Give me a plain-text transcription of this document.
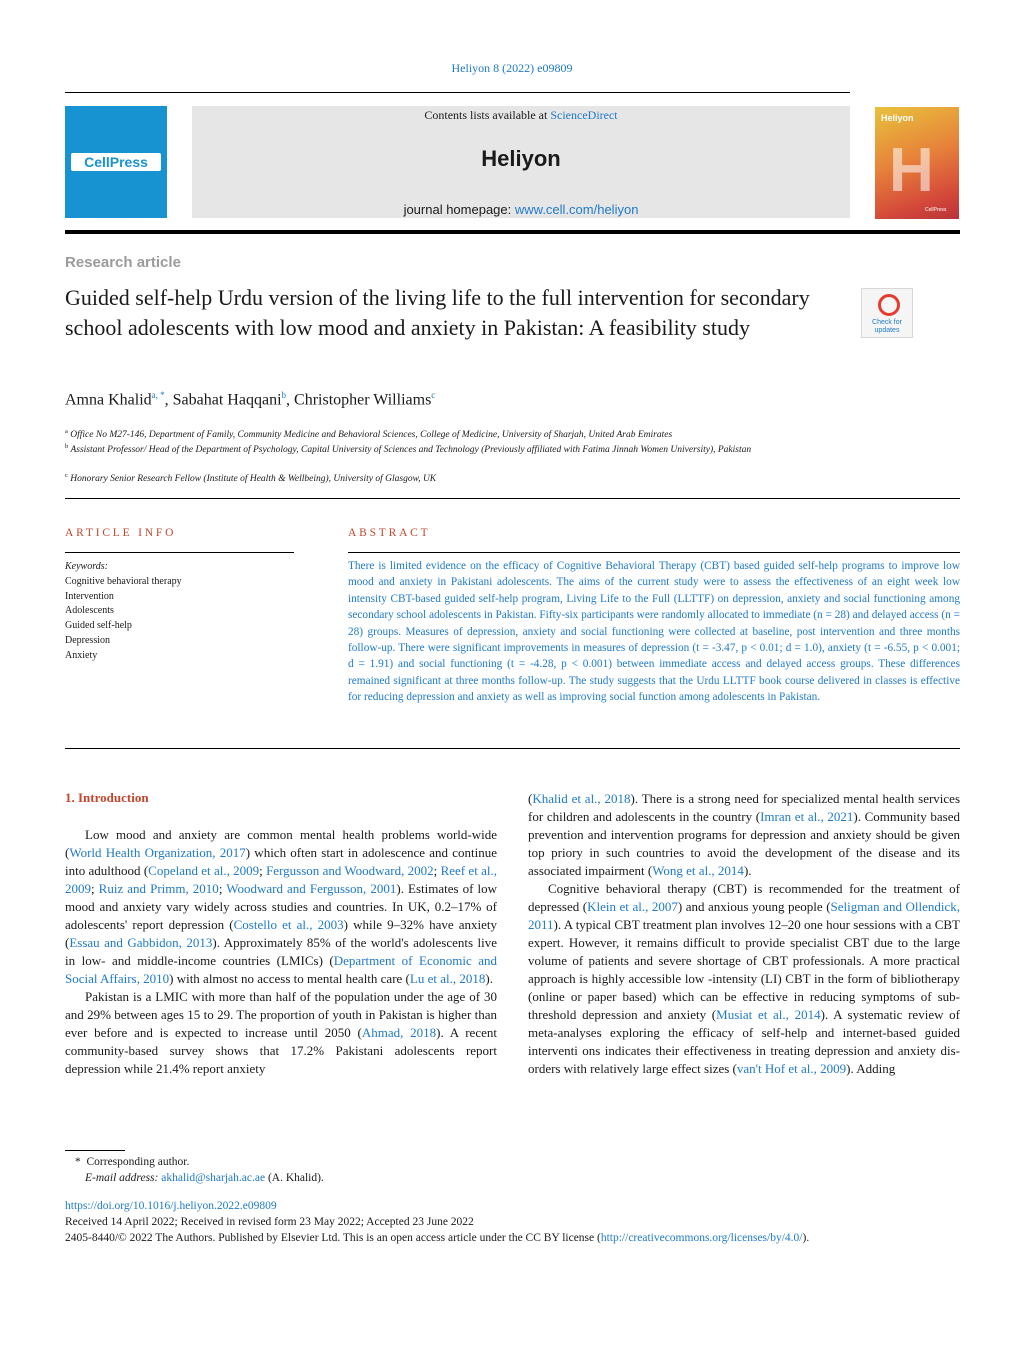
Heliyon 8 (2022) e09809
CellPress
Contents lists available at ScienceDirect
Heliyon
journal homepage: www.cell.com/heliyon
Heliyon
H
CellPress
Research article
Guided self-help Urdu version of the living life to the full intervention for secondary school adolescents with low mood and anxiety in Pakistan: A feasibility study	Check for updates
Amna Khalid$^{a, *}$, Sabahat Haqqani$^b$, Christopher Williams$^c$
$^a$ Office No M27-146, Department of Family, Community Medicine and Behavioral Sciences, College of Medicine, University of Sharjah, United Arab Emirates
$^b$ Assistant Professor/ Head of the Department of Psychology, Capital University of Sciences and Technology (Previously affiliated with Fatima Jinnah Women University), Pakistan
$^c$ Honorary Senior Research Fellow (Institute of Health & Wellbeing), University of Glasgow, UK
ARTICLE INFO	ABSTRACT
Keywords:
Cognitive behavioral therapy
Intervention
Adolescents
Guided self-help
Depression
Anxiety
There is limited evidence on the efficacy of Cognitive Behavioral Therapy (CBT) based guided self-help programs to improve low mood and anxiety in Pakistani adolescents. The aims of the current study were to assess the effectiveness of an eight week low intensity CBT-based guided self-help program, Living Life to the Full (LLTTF) on depression, anxiety and social functioning among secondary school adolescents in Pakistan. Fifty-six participants were randomly allocated to immediate (n = 28) and delayed access (n = 28) groups. Measures of depression, anxiety and social functioning were collected at baseline, post intervention and three months follow-up. There were significant improvements in measures of depression (t = -3.47, p < 0.01; d = 1.0), anxiety (t = -6.55, p < 0.001; d = 1.91) and social functioning (t = -4.28, p < 0.001) between immediate access and delayed access groups. These differences remained significant at three months follow-up. The study suggests that the Urdu LLTTF book course delivered in classes is effective for reducing depression and anxiety as well as improving social function among adolescents in Pakistan.
1. Introduction

Low mood and anxiety are common mental health problems world-wide (World Health Organization, 2017) which often start in adolescence and continue into adulthood (Copeland et al., 2009; Fergusson and Woodward, 2002; Reef et al., 2009; Ruiz and Primm, 2010; Woodward and Fergusson, 2001). Estimates of low mood and anxiety vary widely across studies and countries. In UK, 0.2–17% of adolescents' report depression (Costello et al., 2003) while 9–32% have anxiety (Essau and Gabbidon, 2013). Approximately 85% of the world's adolescents live in low- and middle-income countries (LMICs) (Department of Economic and Social Affairs, 2010) with almost no access to mental health care (Lu et al., 2018).

Pakistan is a LMIC with more than half of the population under the age of 30 and 29% between ages 15 to 29. The proportion of youth in Pakistan is higher than ever before and is expected to increase until 2050 (Ahmad, 2018). A recent community-based survey shows that 17.2% Pakistani adolescents report depression while 21.4% report anxiety

(Khalid et al., 2018). There is a strong need for specialized mental health services for children and adolescents in the country (Imran et al., 2021). Community based prevention and intervention programs for depression and anxiety should be given top priory in such countries to avoid the development of the disease and its associated impairment (Wong et al., 2014).

Cognitive behavioral therapy (CBT) is recommended for the treatment of depressed (Klein et al., 2007) and anxious young people (Seligman and Ollendick, 2011). A typical CBT treatment plan involves 12–20 one hour sessions with a CBT expert. However, it remains difficult to provide specialist CBT due to the large volume of patients and severe shortage of CBT professionals. A more practical approach is highly accessible low -intensity (LI) CBT in the form of bibliotherapy (online or paper based) which can be effective in reducing symptoms of sub-threshold depression and anxiety (Musiat et al., 2014). A systematic review of meta-analyses exploring the efficacy of self-help and internet-based guided interventi ons indicates their effectiveness in treating depression and anxiety dis-orders with relatively large effect sizes (van't Hof et al., 2009). Adding

* Corresponding author.
E-mail address: akhalid@sharjah.ac.ae (A. Khalid).
https://doi.org/10.1016/j.heliyon.2022.e09809
Received 14 April 2022; Received in revised form 23 May 2022; Accepted 23 June 2022
2405-8440/© 2022 The Authors. Published by Elsevier Ltd. This is an open access article under the CC BY license (http://creativecommons.org/licenses/by/4.0/).
